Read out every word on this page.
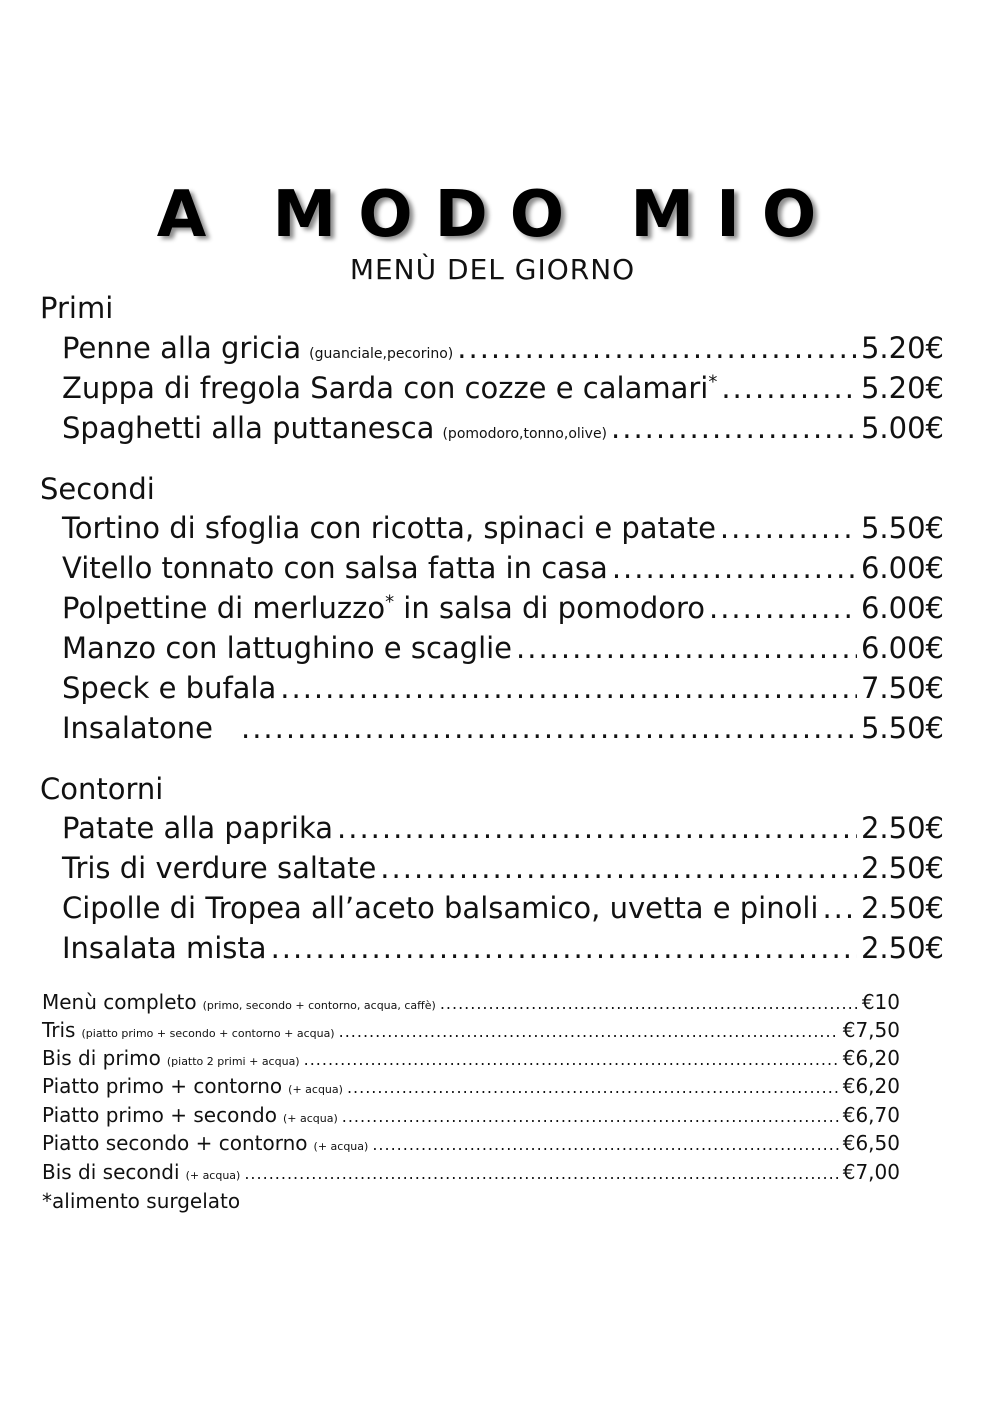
A MODO MIO
MENÙ DEL GIORNO
Primi
Penne alla gricia (guanciale,pecorino) .....	5.20€
Zuppa di fregola Sarda con cozze e calamari* .....	5.20€
Spaghetti alla puttanesca (pomodoro,tonno,olive) .....	5.00€
Secondi
Tortino di sfoglia con ricotta, spinaci e patate .....	5.50€
Vitello tonnato con salsa fatta in casa .....	6.00€
Polpettine di merluzzo* in salsa di pomodoro .....	6.00€
Manzo con lattughino e scaglie .....	6.00€
Speck e bufala .....	7.50€
Insalatone .....	5.50€
Contorni
Patate alla paprika .....	2.50€
Tris di verdure saltate .....	2.50€
Cipolle di Tropea all’aceto balsamico, uvetta e pinoli ..... 2.50€
Insalata mista .....	2.50€
Menù completo (primo, secondo + contorno, acqua, caffè) .....	€10
Tris (piatto primo + secondo + contorno + acqua) .....	€7,50
Bis di primo (piatto 2 primi + acqua) .....	€6,20
Piatto primo + contorno (+ acqua) .....	€6,20
Piatto primo + secondo (+ acqua) .....	€6,70
Piatto secondo + contorno (+ acqua) .....	€6,50
Bis di secondi (+ acqua) .....	€7,00
*alimento surgelato
